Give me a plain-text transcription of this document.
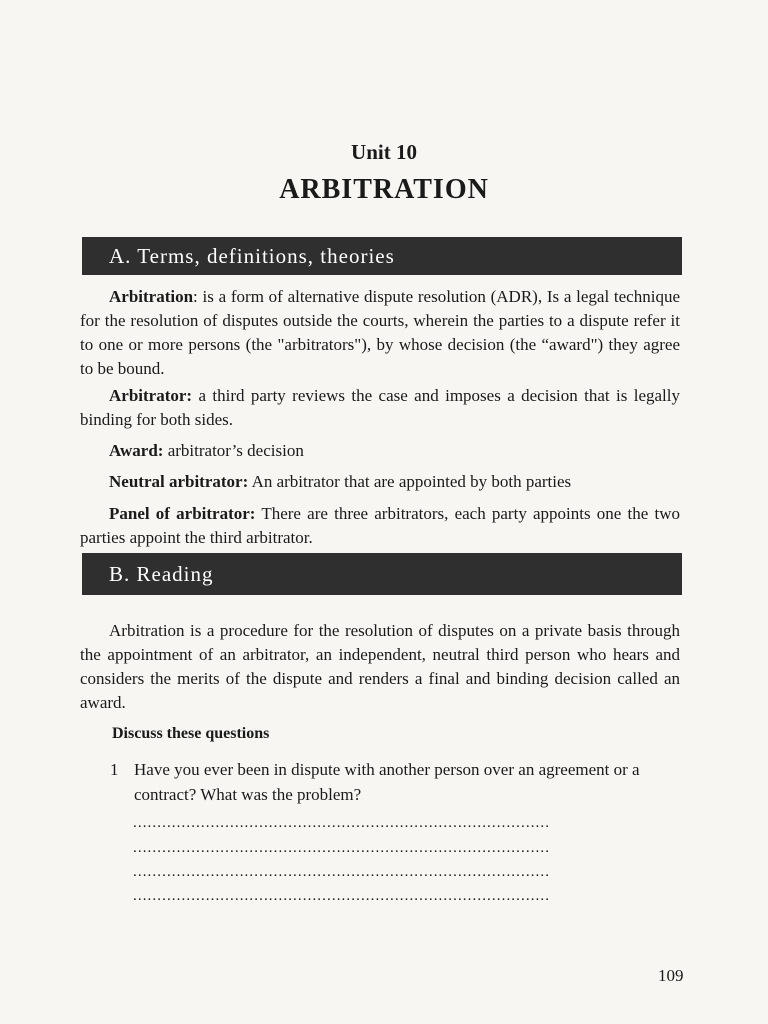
Unit 10
ARBITRATION
A. Terms, definitions, theories
Arbitration: is a form of alternative dispute resolution (ADR), Is a legal technique for the resolution of disputes outside the courts, wherein the parties to a dispute refer it to one or more persons (the "arbitrators"), by whose decision (the “award") they agree to be bound.
Arbitrator: a third party reviews the case and imposes a decision that is legally binding for both sides.
Award: arbitrator’s decision
Neutral arbitrator: An arbitrator that are appointed by both parties
Panel of arbitrator: There are three arbitrators, each party appoints one the two parties appoint the third arbitrator.
B. Reading
Arbitration is a procedure for the resolution of disputes on a private basis through the appointment of an arbitrator, an independent, neutral third person who hears and considers the merits of the dispute and renders a final and binding decision called an award.
Discuss these questions
1 Have you ever been in dispute with another person over an agreement or a contract? What was the problem?
......................................................................................
......................................................................................
......................................................................................
......................................................................................
109
